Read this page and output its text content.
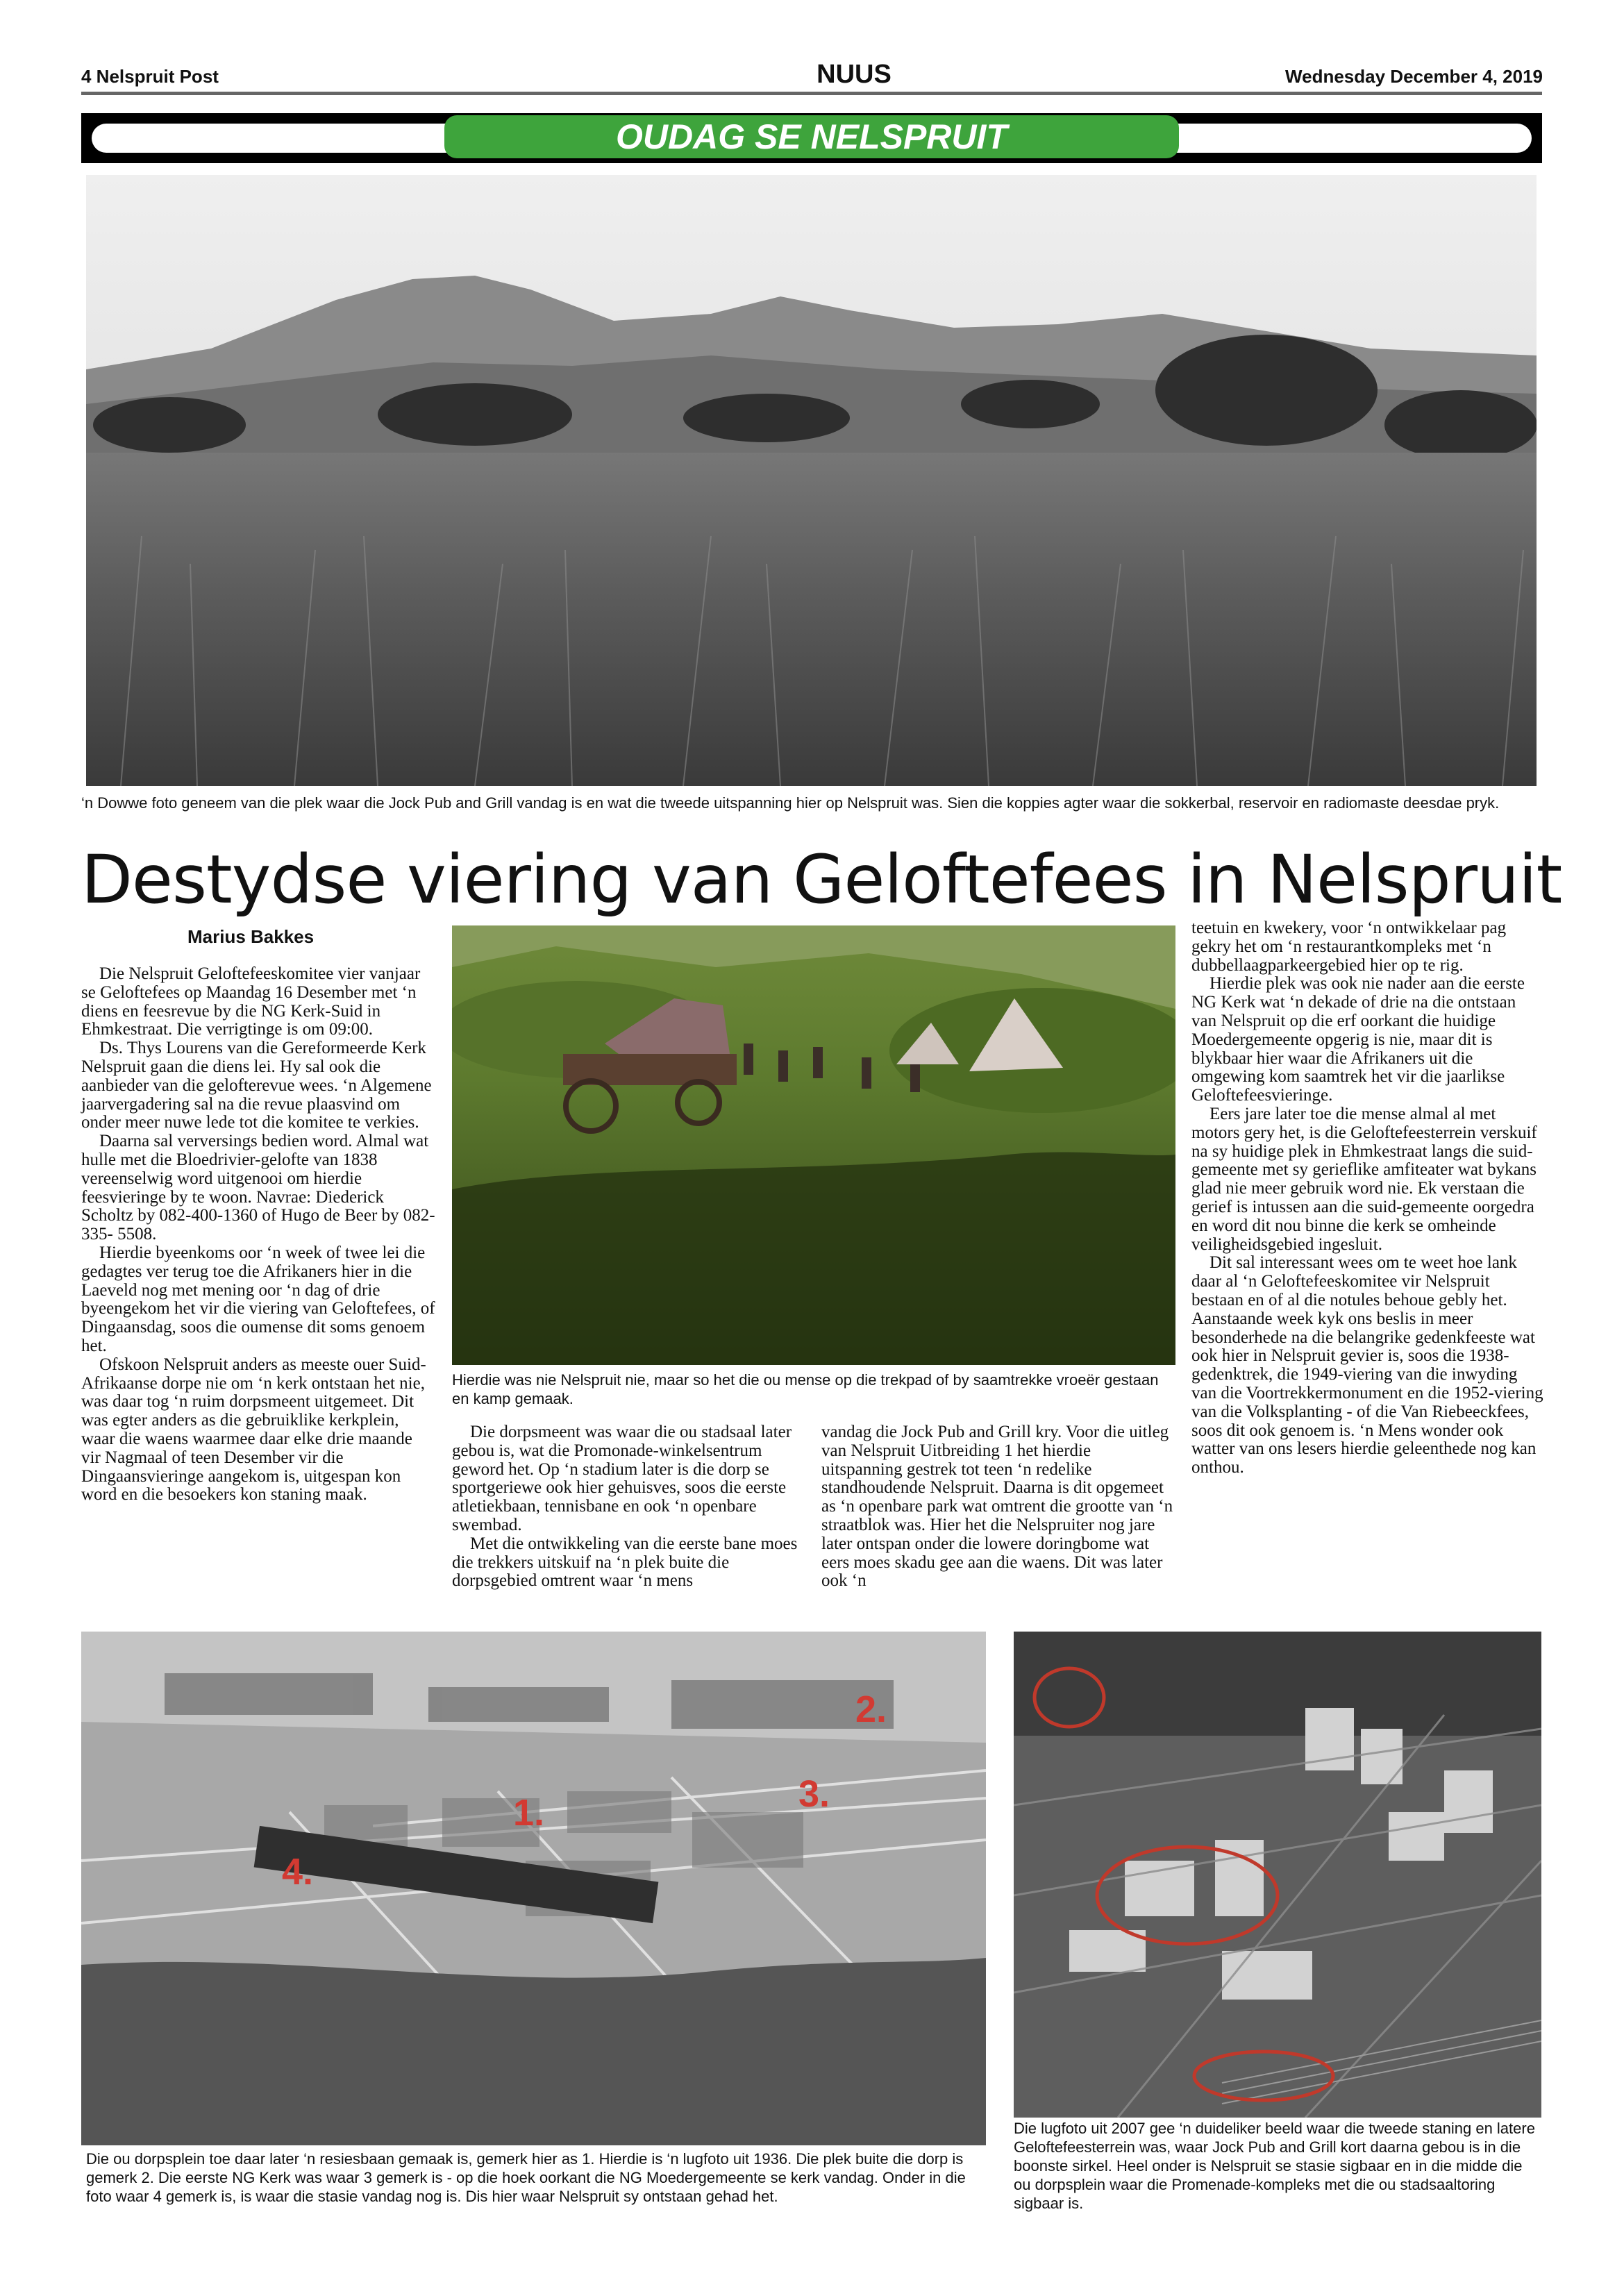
4 Nelspruit Post	NUUS	Wednesday December 4, 2019
OUDAG SE NELSPRUIT
‘n Dowwe foto geneem van die plek waar die Jock Pub and Grill vandag is en wat die tweede uitspanning hier op Nelspruit was. Sien die koppies agter waar die sokkerbal, reservoir en radiomaste deesdae pryk.
Destydse viering van Geloftefees in Nelspruit
Marius Bakkes

Die Nelspruit Geloftefeeskomitee vier vanjaar se Geloftefees op Maandag 16 Desember met ‘n diens en feesrevue by die NG Kerk-Suid in Ehmkestraat. Die verrigtinge is om 09:00.

Ds. Thys Lourens van die Gereformeerde Kerk Nelspruit gaan die diens lei. Hy sal ook die aanbieder van die gelofterevue wees. ‘n Algemene jaarvergadering sal na die revue plaasvind om onder meer nuwe lede tot die komitee te verkies.

Daarna sal verversings bedien word. Almal wat hulle met die Bloedrivier-gelofte van 1838 vereenselwig word uitgenooi om hierdie feesvieringe by te woon. Navrae: Diederick Scholtz by 082-400-1360 of Hugo de Beer by 082-335- 5508.

Hierdie byeenkoms oor ‘n week of twee lei die gedagtes ver terug toe die Afrikaners hier in die Laeveld nog met mening oor ‘n dag of drie byeengekom het vir die viering van Geloftefees, of Dingaansdag, soos die oumense dit soms genoem het.

Ofskoon Nelspruit anders as meeste ouer Suid-Afrikaanse dorpe nie om ‘n kerk ontstaan het nie, was daar tog ‘n ruim dorpsmeent uitgemeet. Dit was egter anders as die gebruiklike kerkplein, waar die waens waarmee daar elke drie maande vir Nagmaal of teen Desember vir die Dingaansvieringe aangekom is, uitgespan kon word en die besoekers kon staning maak.

Hierdie was nie Nelspruit nie, maar so het die ou mense op die trekpad of by saamtrekke vroeër gestaan en kamp gemaak.

Die dorpsmeent was waar die ou stadsaal later gebou is, wat die Promonade-winkelsentrum geword het. Op ‘n stadium later is die dorp se sportgeriewe ook hier gehuisves, soos die eerste atletiekbaan, tennisbane en ook ‘n openbare swembad.

Met die ontwikkeling van die eerste bane moes die trekkers uitskuif na ‘n plek buite die dorpsgebied omtrent waar ‘n mens

vandag die Jock Pub and Grill kry. Voor die uitleg van Nelspruit Uitbreiding 1 het hierdie uitspanning gestrek tot teen ‘n redelike standhoudende Nelspruit. Daarna is dit opgemeet as ‘n openbare park wat omtrent die grootte van ‘n straatblok was. Hier het die Nelspruiter nog jare later ontspan onder die lowere doringbome wat eers moes skadu gee aan die waens. Dit was later ook ‘n

teetuin en kwekery, voor ‘n ontwikkelaar pag gekry het om ‘n restaurantkompleks met ‘n dubbellaagparkeergebied hier op te rig.

Hierdie plek was ook nie nader aan die eerste NG Kerk wat ‘n dekade of drie na die ontstaan van Nelspruit op die erf oorkant die huidige Moedergemeente opgerig is nie, maar dit is blykbaar hier waar die Afrikaners uit die omgewing kom saamtrek het vir die jaarlikse Geloftefeesvieringe.

Eers jare later toe die mense almal al met motors gery het, is die Geloftefeesterrein verskuif na sy huidige plek in Ehmkestraat langs die suid-gemeente met sy gerieflike amfiteater wat bykans glad nie meer gebruik word nie. Ek verstaan die gerief is intussen aan die suid-gemeente oorgedra en word dit nou binne die kerk se omheinde veiligheidsgebied ingesluit.

Dit sal interessant wees om te weet hoe lank daar al ‘n Geloftefeeskomitee vir Nelspruit bestaan en of al die notules behoue gebly het. Aanstaande week kyk ons beslis in meer besonderhede na die belangrike gedenkfeeste wat ook hier in Nelspruit gevier is, soos die 1938-gedenktrek, die 1949-viering van die inwyding van die Voortrekkermonument en die 1952-viering van die Volksplanting - of die Van Riebeeckfees, soos dit ook genoem is. ‘n Mens wonder ook watter van ons lesers hierdie geleenthede nog kan onthou.

1.
2.
3.
4.
Die ou dorpsplein toe daar later ‘n resiesbaan gemaak is, gemerk hier as 1. Hierdie is ‘n lugfoto uit 1936. Die plek buite die dorp is gemerk 2. Die eerste NG Kerk was waar 3 gemerk is - op die hoek oorkant die NG Moedergemeente se kerk vandag. Onder in die foto waar 4 gemerk is, is waar die stasie vandag nog is. Dis hier waar Nelspruit sy ontstaan gehad het.
Die lugfoto uit 2007 gee ‘n duideliker beeld waar die tweede staning en latere Geloftefeesterrein was, waar Jock Pub and Grill kort daarna gebou is in die boonste sirkel. Heel onder is Nelspruit se stasie sigbaar en in die midde die ou dorpsplein waar die Promenade-kompleks met die ou stadsaaltoring sigbaar is.
